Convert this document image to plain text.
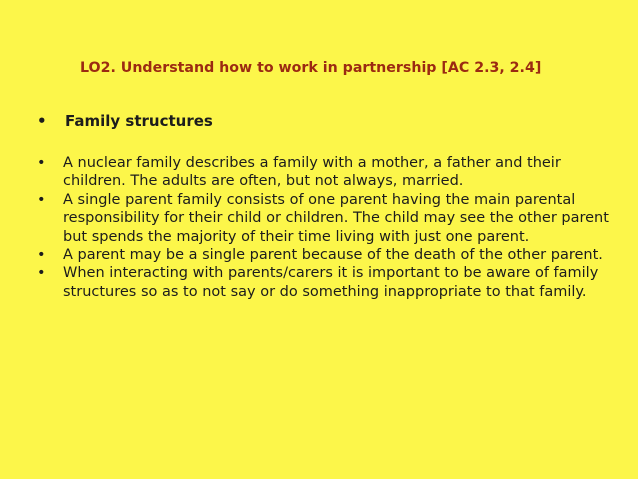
LO2. Understand how to work in partnership [AC 2.3, 2.4]
• Family structures
• A nuclear family describes a family with a mother, a father and their children. The adults are often, but not always, married.
• A single parent family consists of one parent having the main parental responsibility for their child or children. The child may see the other parent but spends the majority of their time living with just one parent.
• A parent may be a single parent because of the death of the other parent.
• When interacting with parents/carers it is important to be aware of family structures so as to not say or do something inappropriate to that family.
